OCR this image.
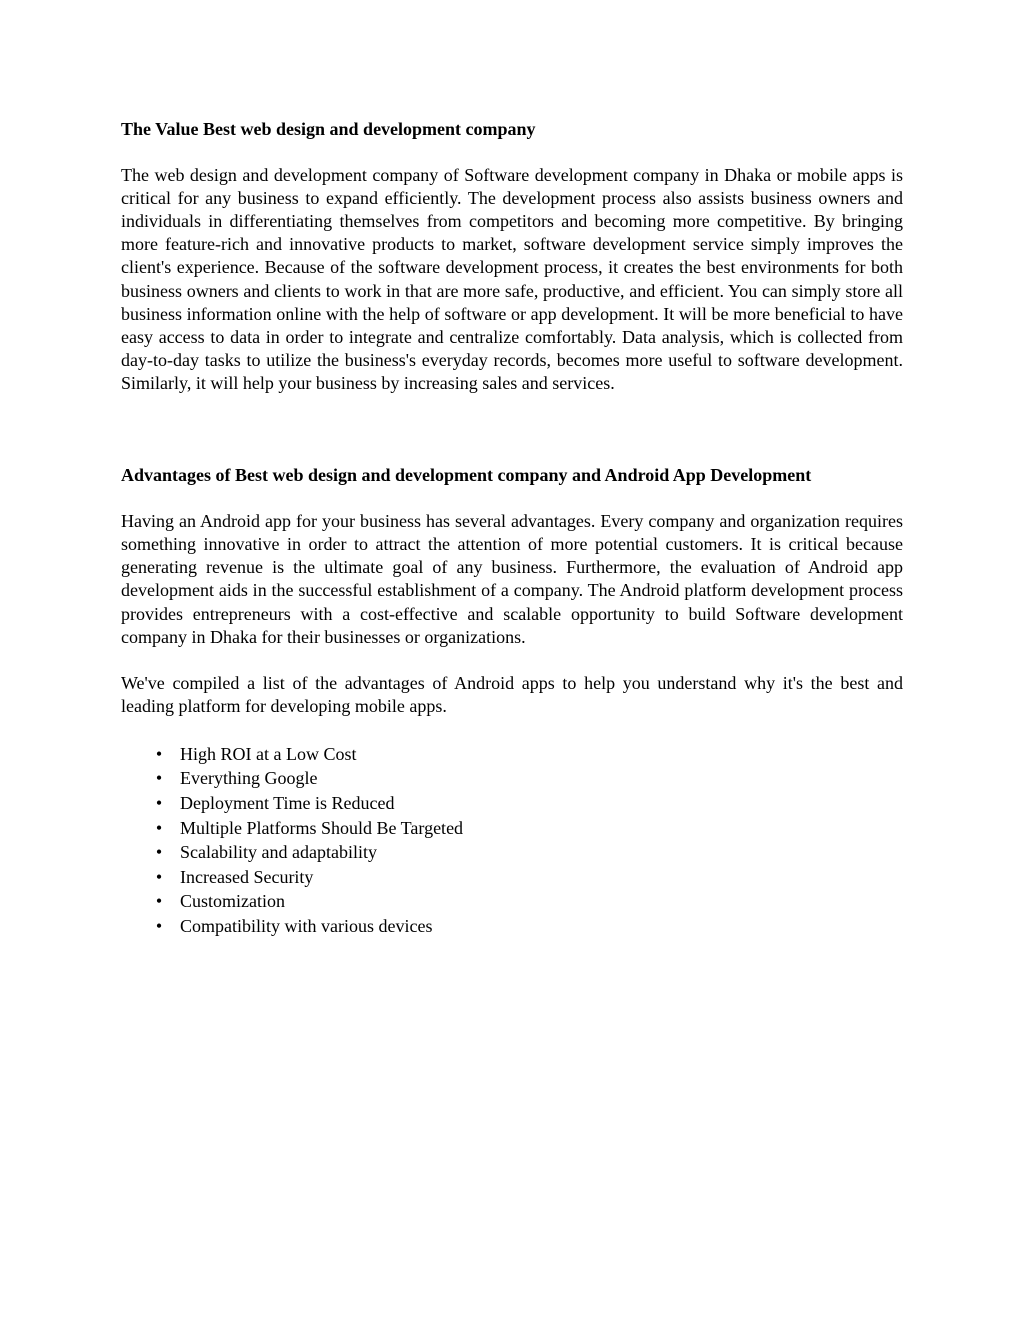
The Value Best web design and development company

The web design and development company of Software development company in Dhaka or mobile apps is critical for any business to expand efficiently. The development process also assists business owners and individuals in differentiating themselves from competitors and becoming more competitive. By bringing more feature-rich and innovative products to market, software development service simply improves the client's experience. Because of the software development process, it creates the best environments for both business owners and clients to work in that are more safe, productive, and efficient. You can simply store all business information online with the help of software or app development. It will be more beneficial to have easy access to data in order to integrate and centralize comfortably. Data analysis, which is collected from day-to-day tasks to utilize the business's everyday records, becomes more useful to software development. Similarly, it will help your business by increasing sales and services.

Advantages of Best web design and development company and Android App Development

Having an Android app for your business has several advantages. Every company and organization requires something innovative in order to attract the attention of more potential customers. It is critical because generating revenue is the ultimate goal of any business. Furthermore, the evaluation of Android app development aids in the successful establishment of a company. The Android platform development process provides entrepreneurs with a cost-effective and scalable opportunity to build Software development company in Dhaka for their businesses or organizations.

We've compiled a list of the advantages of Android apps to help you understand why it's the best and leading platform for developing mobile apps.

• High ROI at a Low Cost
• Everything Google
• Deployment Time is Reduced
• Multiple Platforms Should Be Targeted
• Scalability and adaptability
• Increased Security
• Customization
• Compatibility with various devices
